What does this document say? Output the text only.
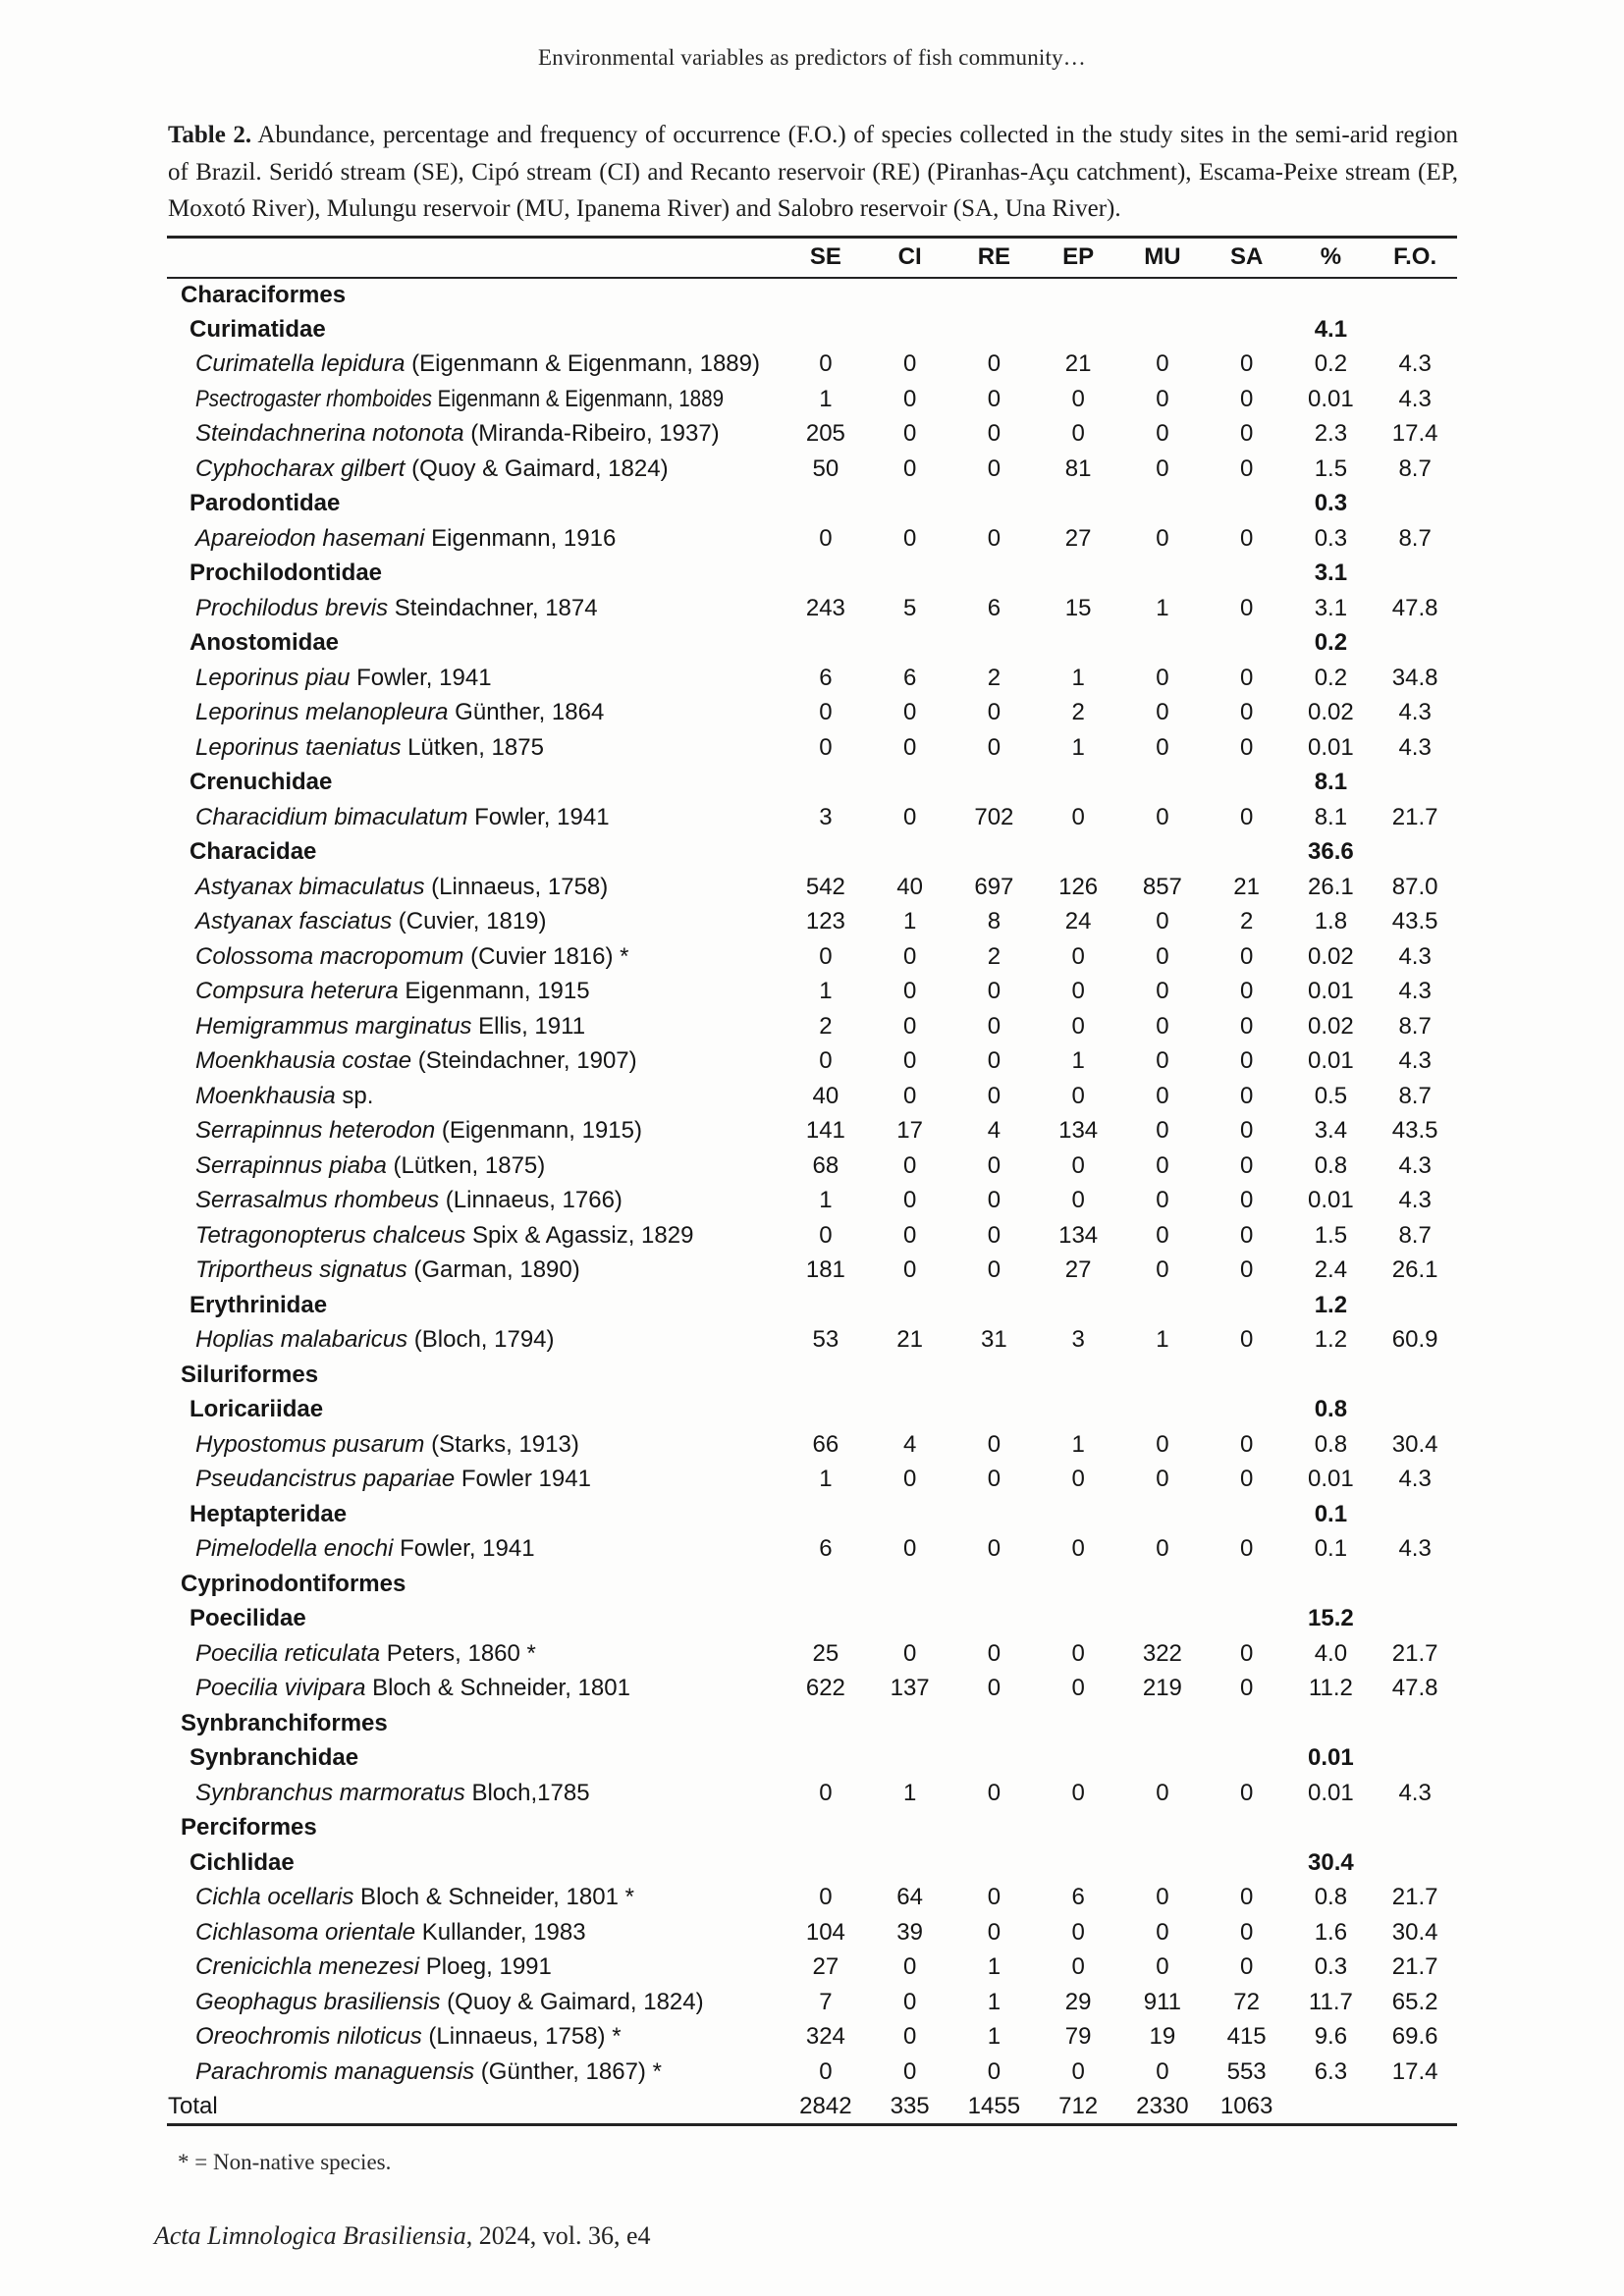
Environmental variables as predictors of fish community…

Table 2. Abundance, percentage and frequency of occurrence (F.O.) of species collected in the study sites in the semi-arid region of Brazil. Seridó stream (SE), Cipó stream (CI) and Recanto reservoir (RE) (Piranhas-Açu catchment), Escama-Peixe stream (EP, Moxotó River), Mulungu reservoir (MU, Ipanema River) and Salobro reservoir (SA, Una River).

	SE	CI	RE	EP	MU	SA	%	F.O.
Characiformes								
Curimatidae							4.1	
Curimatella lepidura (Eigenmann & Eigenmann, 1889)	0	0	0	21	0	0	0.2	4.3
Psectrogaster rhomboides Eigenmann & Eigenmann, 1889	1	0	0	0	0	0	0.01	4.3
Steindachnerina notonota (Miranda-Ribeiro, 1937)	205	0	0	0	0	0	2.3	17.4
Cyphocharax gilbert (Quoy & Gaimard, 1824)	50	0	0	81	0	0	1.5	8.7
Parodontidae							0.3	
Apareiodon hasemani Eigenmann, 1916	0	0	0	27	0	0	0.3	8.7
Prochilodontidae							3.1	
Prochilodus brevis Steindachner, 1874	243	5	6	15	1	0	3.1	47.8
Anostomidae							0.2	
Leporinus piau Fowler, 1941	6	6	2	1	0	0	0.2	34.8
Leporinus melanopleura Günther, 1864	0	0	0	2	0	0	0.02	4.3
Leporinus taeniatus Lütken, 1875	0	0	0	1	0	0	0.01	4.3
Crenuchidae							8.1	
Characidium bimaculatum Fowler, 1941	3	0	702	0	0	0	8.1	21.7
Characidae							36.6	
Astyanax bimaculatus (Linnaeus, 1758)	542	40	697	126	857	21	26.1	87.0
Astyanax fasciatus (Cuvier, 1819)	123	1	8	24	0	2	1.8	43.5
Colossoma macropomum (Cuvier 1816) *	0	0	2	0	0	0	0.02	4.3
Compsura heterura Eigenmann, 1915	1	0	0	0	0	0	0.01	4.3
Hemigrammus marginatus Ellis, 1911	2	0	0	0	0	0	0.02	8.7
Moenkhausia costae (Steindachner, 1907)	0	0	0	1	0	0	0.01	4.3
Moenkhausia sp.	40	0	0	0	0	0	0.5	8.7
Serrapinnus heterodon (Eigenmann, 1915)	141	17	4	134	0	0	3.4	43.5
Serrapinnus piaba (Lütken, 1875)	68	0	0	0	0	0	0.8	4.3
Serrasalmus rhombeus (Linnaeus, 1766)	1	0	0	0	0	0	0.01	4.3
Tetragonopterus chalceus Spix & Agassiz, 1829	0	0	0	134	0	0	1.5	8.7
Triportheus signatus (Garman, 1890)	181	0	0	27	0	0	2.4	26.1
Erythrinidae							1.2	
Hoplias malabaricus (Bloch, 1794)	53	21	31	3	1	0	1.2	60.9
Siluriformes								
Loricariidae							0.8	
Hypostomus pusarum (Starks, 1913)	66	4	0	1	0	0	0.8	30.4
Pseudancistrus papariae Fowler 1941	1	0	0	0	0	0	0.01	4.3
Heptapteridae							0.1	
Pimelodella enochi Fowler, 1941	6	0	0	0	0	0	0.1	4.3
Cyprinodontiformes								
Poecilidae							15.2	
Poecilia reticulata Peters, 1860 *	25	0	0	0	322	0	4.0	21.7
Poecilia vivipara Bloch & Schneider, 1801	622	137	0	0	219	0	11.2	47.8
Synbranchiformes								
Synbranchidae							0.01	
Synbranchus marmoratus Bloch,1785	0	1	0	0	0	0	0.01	4.3
Perciformes								
Cichlidae							30.4	
Cichla ocellaris Bloch & Schneider, 1801 *	0	64	0	6	0	0	0.8	21.7
Cichlasoma orientale Kullander, 1983	104	39	0	0	0	0	1.6	30.4
Crenicichla menezesi Ploeg, 1991	27	0	1	0	0	0	0.3	21.7
Geophagus brasiliensis (Quoy & Gaimard, 1824)	7	0	1	29	911	72	11.7	65.2
Oreochromis niloticus (Linnaeus, 1758) *	324	0	1	79	19	415	9.6	69.6
Parachromis managuensis (Günther, 1867) *	0	0	0	0	0	553	6.3	17.4
Total	2842	335	1455	712	2330	1063		
* = Non-native species.
Acta Limnologica Brasiliensia, 2024, vol. 36, e4
